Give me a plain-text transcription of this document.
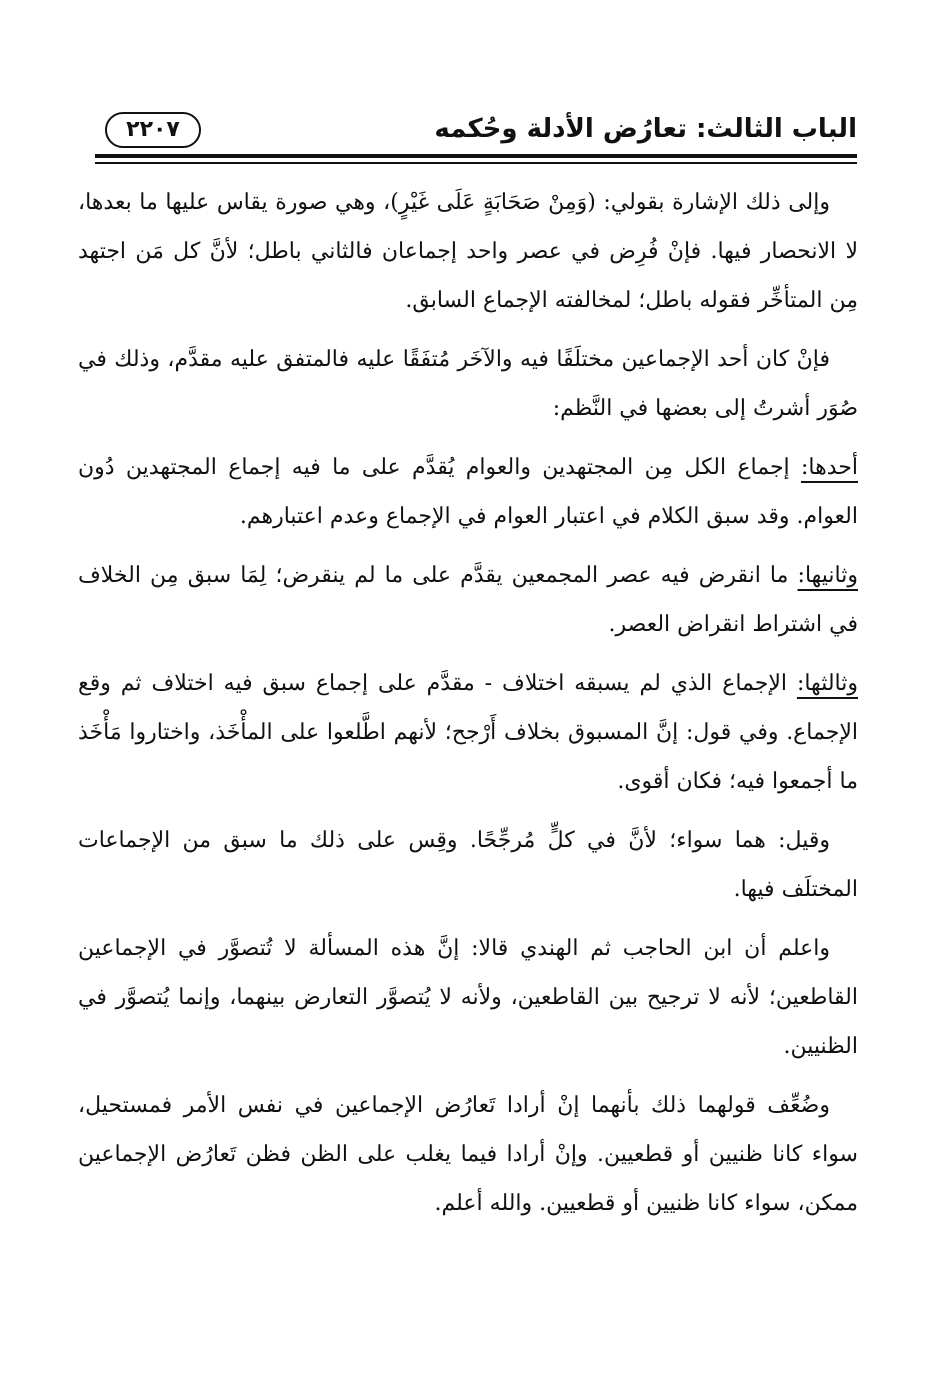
الباب الثالث: تعارُض الأدلة وحُكمه
٢٢٠٧

وإلى ذلك الإشارة بقولي: (وَمِنْ صَحَابَةٍ عَلَى غَيْرٍ)، وهي صورة يقاس عليها ما بعدها، لا الانحصار فيها. فإنْ فُرِض في عصر واحد إجماعان فالثاني باطل؛ لأنَّ كل مَن اجتهد مِن المتأخِّر فقوله باطل؛ لمخالفته الإجماع السابق.

فإنْ كان أحد الإجماعين مختلَفًا فيه والآخَر مُتفَقًا عليه فالمتفق عليه مقدَّم، وذلك في صُوَر أشرتُ إلى بعضها في النَّظم:

أحدها: إجماع الكل مِن المجتهدين والعوام يُقدَّم على ما فيه إجماع المجتهدين دُون العوام. وقد سبق الكلام في اعتبار العوام في الإجماع وعدم اعتبارهم.

وثانيها: ما انقرض فيه عصر المجمعين يقدَّم على ما لم ينقرض؛ لِمَا سبق مِن الخلاف في اشتراط انقراض العصر.

وثالثها: الإجماع الذي لم يسبقه اختلاف - مقدَّم على إجماع سبق فيه اختلاف ثم وقع الإجماع. وفي قول: إنَّ المسبوق بخلاف أَرْجح؛ لأنهم اطَّلعوا على المأْخَذ، واختاروا مَأْخَذ ما أجمعوا فيه؛ فكان أقوى.

وقيل: هما سواء؛ لأنَّ في كلٍّ مُرجِّحًا. وقِس على ذلك ما سبق من الإجماعات المختلَف فيها.

واعلم أن ابن الحاجب ثم الهندي قالا: إنَّ هذه المسألة لا تُتصوَّر في الإجماعين القاطعين؛ لأنه لا ترجيح بين القاطعين، ولأنه لا يُتصوَّر التعارض بينهما، وإنما يُتصوَّر في الظنيين.

وضُعِّف قولهما ذلك بأنهما إنْ أرادا تَعارُض الإجماعين في نفس الأمر فمستحيل، سواء كانا ظنيين أو قطعيين. وإنْ أرادا فيما يغلب على الظن فظن تَعارُض الإجماعين ممكن، سواء كانا ظنيين أو قطعيين. والله أعلم.
